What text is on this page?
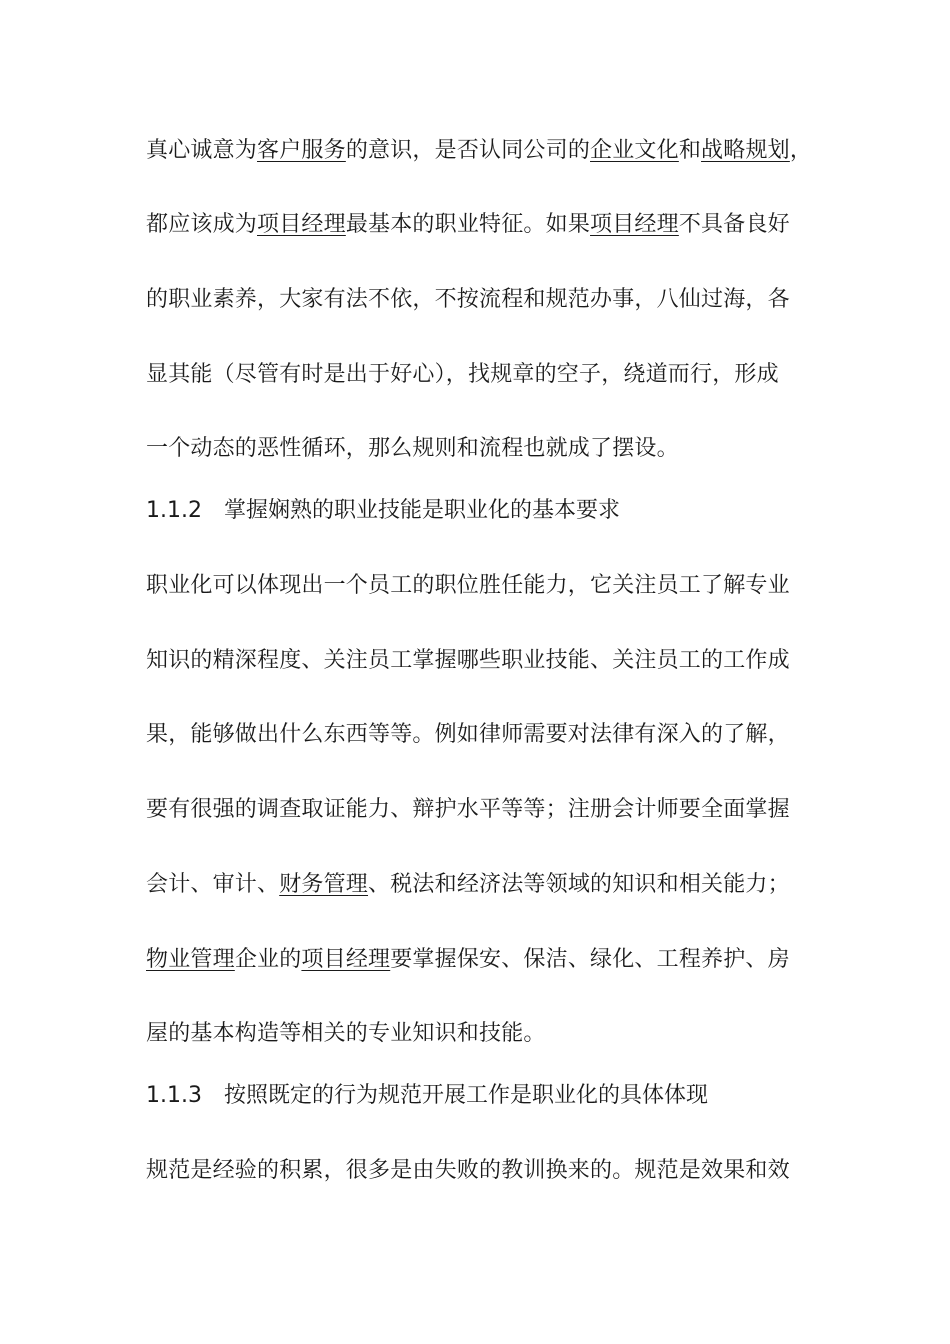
真心诚意为客户服务的意识，是否认同公司的企业文化和战略规划，
都应该成为项目经理最基本的职业特征。如果项目经理不具备良好
的职业素养，大家有法不依，不按流程和规范办事，八仙过海，各
显其能（尽管有时是出于好心），找规章的空子，绕道而行，形成
一个动态的恶性循环，那么规则和流程也就成了摆设。
1.1.2 掌握娴熟的职业技能是职业化的基本要求
职业化可以体现出一个员工的职位胜任能力，它关注员工了解专业
知识的精深程度、关注员工掌握哪些职业技能、关注员工的工作成
果，能够做出什么东西等等。例如律师需要对法律有深入的了解，
要有很强的调查取证能力、辩护水平等等；注册会计师要全面掌握
会计、审计、财务管理、税法和经济法等领域的知识和相关能力；
物业管理企业的项目经理要掌握保安、保洁、绿化、工程养护、房
屋的基本构造等相关的专业知识和技能。
1.1.3 按照既定的行为规范开展工作是职业化的具体体现
规范是经验的积累，很多是由失败的教训换来的。规范是效果和效
